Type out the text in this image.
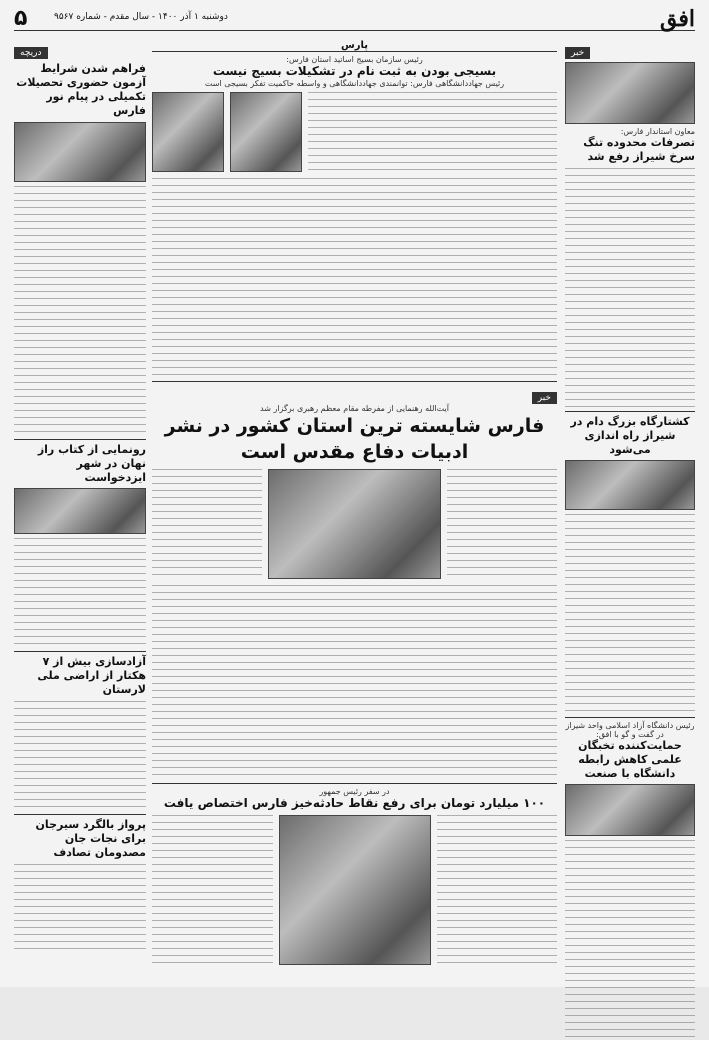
افق
دوشنبه ۱ آذر ۱۴۰۰ - سال مقدم - شماره ۹۵۶۷
۵
خبر
معاون استاندار فارس:
تصرفات محدوده تنگ سرخ شیراز رفع شد
کشتارگاه بزرگ دام در شیراز راه اندازی می‌شود
رئیس دانشگاه آزاد اسلامی واحد شیراز در گفت و گو با افق:
حمایت‌کننده تخبگان علمی کاهش رابطه دانشگاه با صنعت
دریچه
فراهم شدن شرایط آزمون حضوری تحصیلات تکمیلی در پیام نور فارس
رونمایی از کتاب راز نهان در شهر ایزدخواست
آزادسازی بیش از ۷ هکتار از اراضی ملی لارستان
پرواز بالگرد سیرجان برای نجات جان مصدومان تصادف
پارس
رئیس سازمان بسیج اساتید استان فارس:
بسیجی بودن به ثبت نام در تشکیلات بسیج نیست
رئیس جهاددانشگاهی فارس: توانمندی جهاددانشگاهی و واسطه حاکمیت تفکر بسیجی است
خبر
آیت‌الله رهنمایی از مفرطه مقام معظم رهبری برگزار شد
فارس شایسته ترین استان کشور در نشر ادبیات دفاع مقدس است
در سفر رئیس جمهور
۱۰۰ میلیارد تومان برای رفع نقاط حادثه‌خیز فارس اختصاص یافت
